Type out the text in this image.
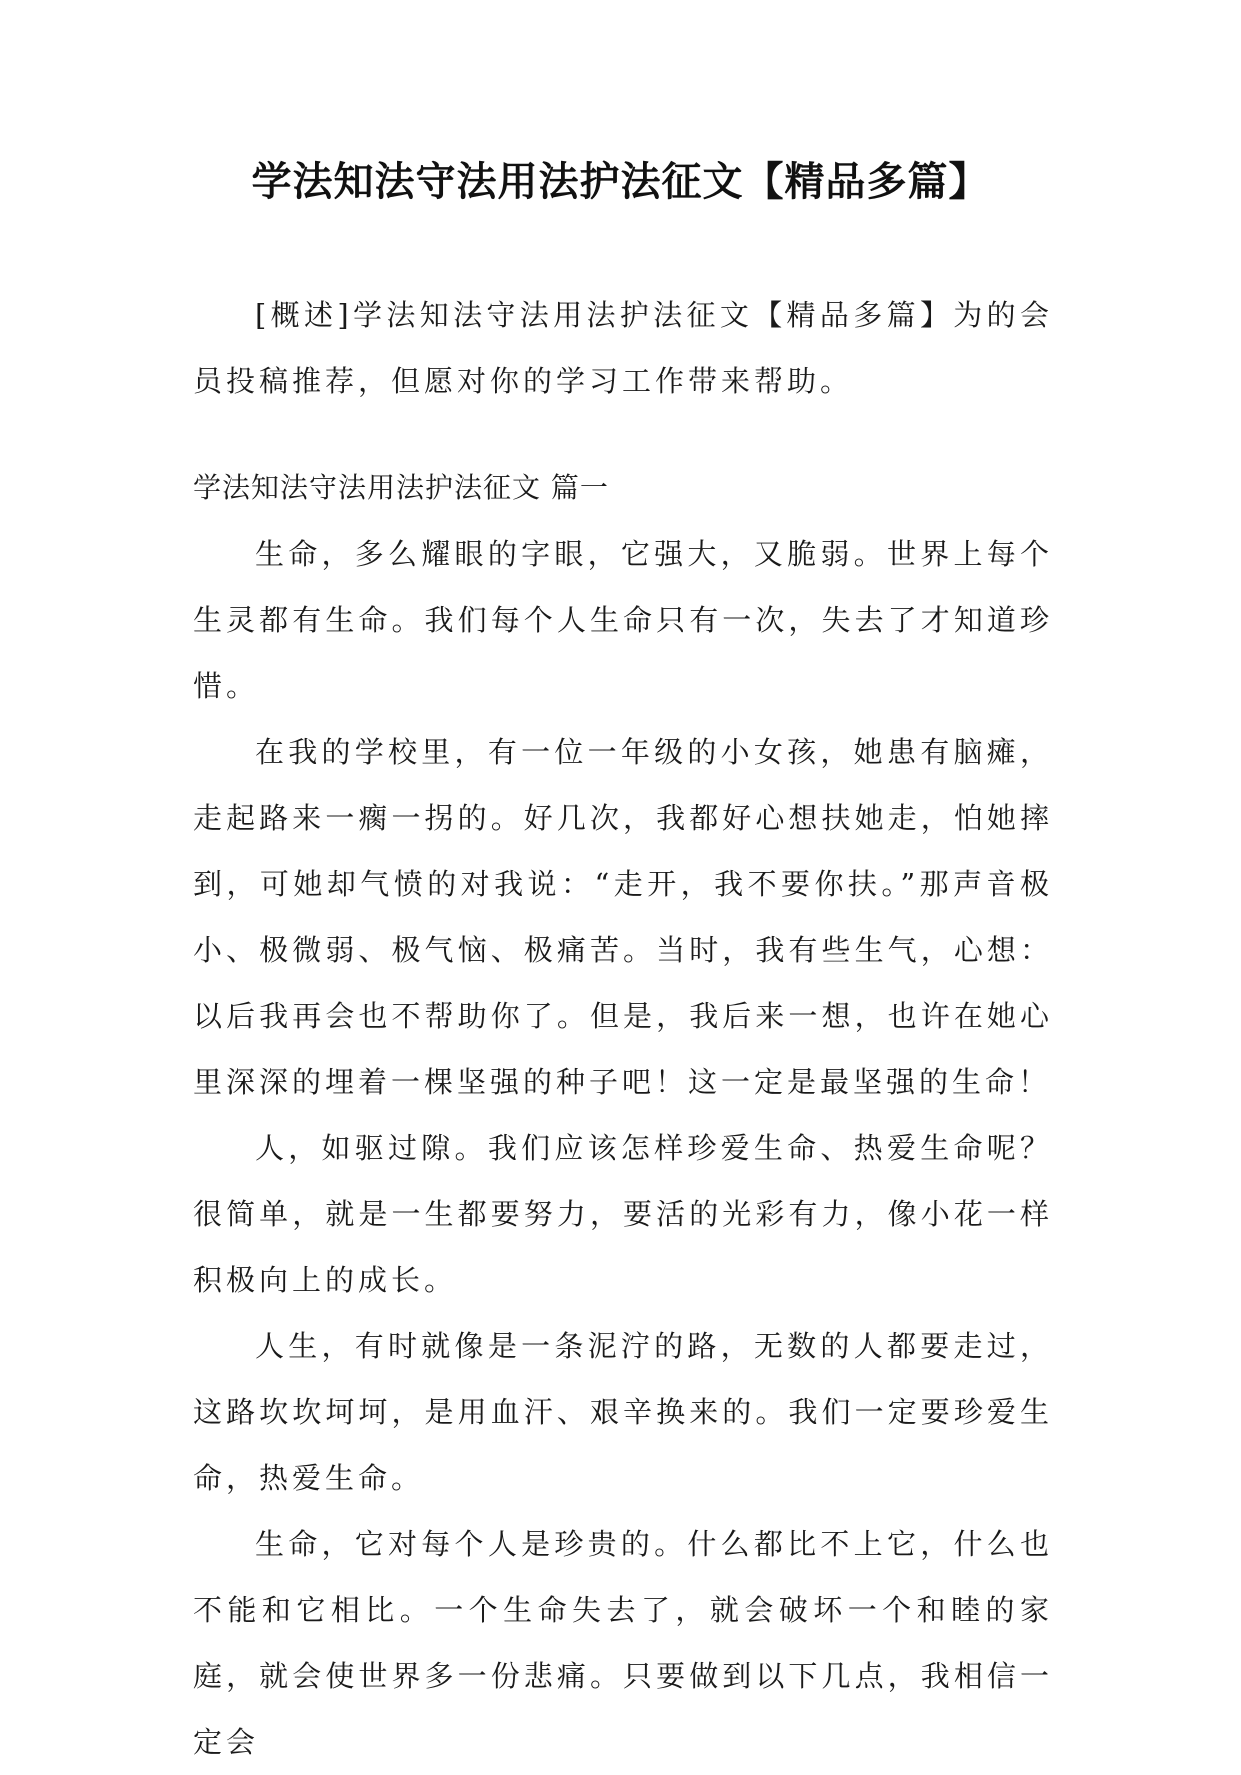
学法知法守法用法护法征文【精品多篇】

[概述]学法知法守法用法护法征文【精品多篇】为的会员投稿推荐，但愿对你的学习工作带来帮助。

学法知法守法用法护法征文 篇一

生命，多么耀眼的字眼，它强大，又脆弱。世界上每个生灵都有生命。我们每个人生命只有一次，失去了才知道珍惜。

在我的学校里，有一位一年级的小女孩，她患有脑瘫，走起路来一瘸一拐的。好几次，我都好心想扶她走，怕她摔到，可她却气愤的对我说：“走开，我不要你扶。”那声音极小、极微弱、极气恼、极痛苦。当时，我有些生气，心想：以后我再会也不帮助你了。但是，我后来一想，也许在她心里深深的埋着一棵坚强的种子吧！这一定是最坚强的生命！

人，如驱过隙。我们应该怎样珍爱生命、热爱生命呢？很简单，就是一生都要努力，要活的光彩有力，像小花一样积极向上的成长。

人生，有时就像是一条泥泞的路，无数的人都要走过，这路坎坎坷坷，是用血汗、艰辛换来的。我们一定要珍爱生命，热爱生命。

生命，它对每个人是珍贵的。什么都比不上它，什么也不能和它相比。一个生命失去了，就会破坏一个和睦的家庭，就会使世界多一份悲痛。只要做到以下几点，我相信一定会
